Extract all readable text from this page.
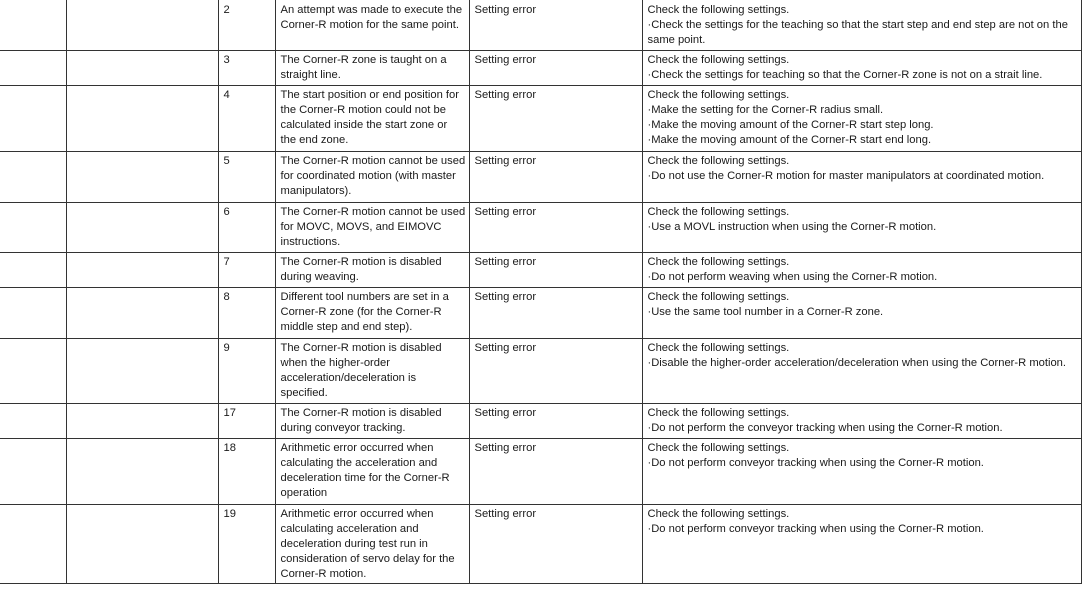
		2	An attempt was made to execute the Corner-R motion for the same point.	Setting error	Check the following settings.
·Check the settings for the teaching so that the start step and end step are not on the same point.

		3	The Corner-R zone is taught on a straight line.	Setting error	Check the following settings.
·Check the settings for teaching so that the Corner-R zone is not on a strait line.

		4	The start position or end position for the Corner-R motion could not be calculated inside the start zone or the end zone.	Setting error	Check the following settings.
·Make the setting for the Corner-R radius small.
·Make the moving amount of the Corner-R start step long.
·Make the moving amount of the Corner-R start end long.

		5	The Corner-R motion cannot be used for coordinated motion (with master manipulators).	Setting error	Check the following settings.
·Do not use the Corner-R motion for master manipulators at coordinated motion.

		6	The Corner-R motion cannot be used for MOVC, MOVS, and EIMOVC instructions.	Setting error	Check the following settings.
·Use a MOVL instruction when using the Corner-R motion.

		7	The Corner-R motion is disabled during weaving.	Setting error	Check the following settings.
·Do not perform weaving when using the Corner-R motion.

		8	Different tool numbers are set in a Corner-R zone (for the Corner-R middle step and end step).	Setting error	Check the following settings.
·Use the same tool number in a Corner-R zone.

		9	The Corner-R motion is disabled when the higher-order acceleration/deceleration is specified.	Setting error	Check the following settings.
·Disable the higher-order acceleration/deceleration when using the Corner-R motion.

		17	The Corner-R motion is disabled during conveyor tracking.	Setting error	Check the following settings.
·Do not perform the conveyor tracking when using the Corner-R motion.

		18	Arithmetic error occurred when calculating the acceleration and deceleration time for the Corner-R operation	Setting error	Check the following settings.
·Do not perform conveyor tracking when using the Corner-R motion.

		19	Arithmetic error occurred when calculating acceleration and deceleration during test run in consideration of servo delay for the Corner-R motion.	Setting error	Check the following settings.
·Do not perform conveyor tracking when using the Corner-R motion.
